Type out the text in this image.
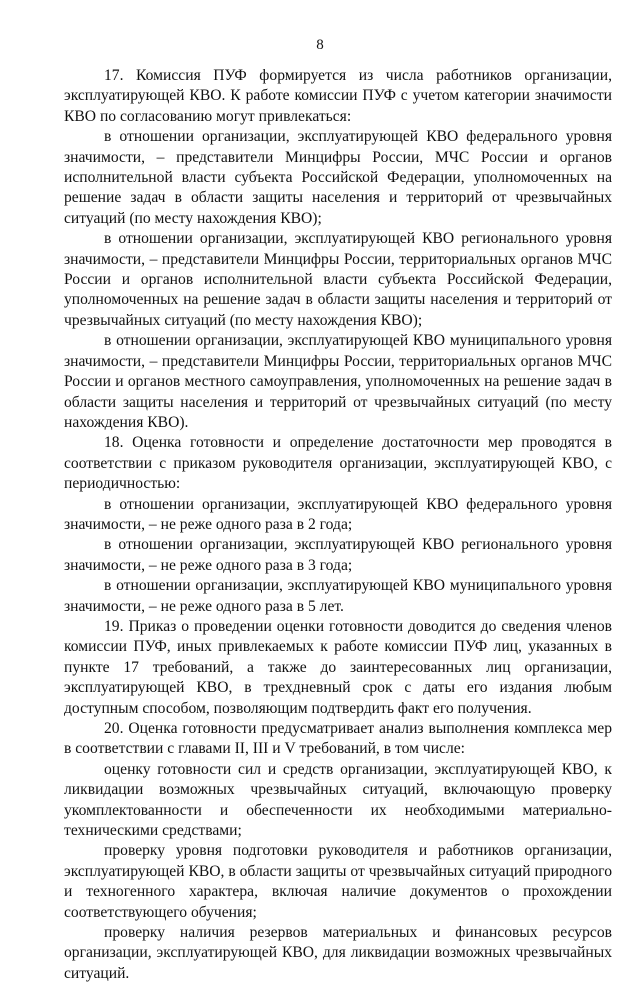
8

17. Комиссия ПУФ формируется из числа работников организации, эксплуатирующей КВО. К работе комиссии ПУФ с учетом категории значимости КВО по согласованию могут привлекаться:

в отношении организации, эксплуатирующей КВО федерального уровня значимости, – представители Минцифры России, МЧС России и органов исполнительной власти субъекта Российской Федерации, уполномоченных на решение задач в области защиты населения и территорий от чрезвычайных ситуаций (по месту нахождения КВО);

в отношении организации, эксплуатирующей КВО регионального уровня значимости, – представители Минцифры России, территориальных органов МЧС России и органов исполнительной власти субъекта Российской Федерации, уполномоченных на решение задач в области защиты населения и территорий от чрезвычайных ситуаций (по месту нахождения КВО);

в отношении организации, эксплуатирующей КВО муниципального уровня значимости, – представители Минцифры России, территориальных органов МЧС России и органов местного самоуправления, уполномоченных на решение задач в области защиты населения и территорий от чрезвычайных ситуаций (по месту нахождения КВО).

18. Оценка готовности и определение достаточности мер проводятся в соответствии с приказом руководителя организации, эксплуатирующей КВО, с периодичностью:

в отношении организации, эксплуатирующей КВО федерального уровня значимости, – не реже одного раза в 2 года;

в отношении организации, эксплуатирующей КВО регионального уровня значимости, – не реже одного раза в 3 года;

в отношении организации, эксплуатирующей КВО муниципального уровня значимости, – не реже одного раза в 5 лет.

19. Приказ о проведении оценки готовности доводится до сведения членов комиссии ПУФ, иных привлекаемых к работе комиссии ПУФ лиц, указанных в пункте 17 требований, а также до заинтересованных лиц организации, эксплуатирующей КВО, в трехдневный срок с даты его издания любым доступным способом, позволяющим подтвердить факт его получения.

20. Оценка готовности предусматривает анализ выполнения комплекса мер в соответствии с главами II, III и V требований, в том числе:

оценку готовности сил и средств организации, эксплуатирующей КВО, к ликвидации возможных чрезвычайных ситуаций, включающую проверку укомплектованности и обеспеченности их необходимыми материально-техническими средствами;

проверку уровня подготовки руководителя и работников организации, эксплуатирующей КВО, в области защиты от чрезвычайных ситуаций природного и техногенного характера, включая наличие документов о прохождении соответствующего обучения;

проверку наличия резервов материальных и финансовых ресурсов организации, эксплуатирующей КВО, для ликвидации возможных чрезвычайных ситуаций.
